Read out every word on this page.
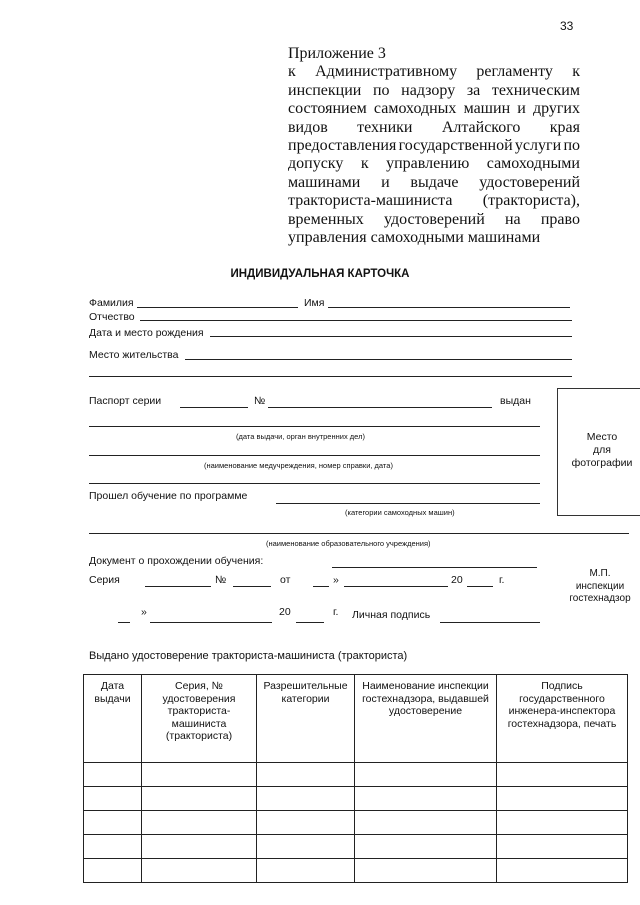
33
Приложение 3
к Административному регламенту к
инспекции по надзору за техническим
состоянием самоходных машин и других
видов техники Алтайского края
предоставления государственной услуги по
допуску к управлению самоходными
машинами и выдаче удостоверений
тракториста-машиниста (тракториста),
временных удостоверений на право
управления самоходными машинами
ИНДИВИДУАЛЬНАЯ КАРТОЧКА
Фамилия	Имя
Отчество
Дата и место рождения
Место жительства
Паспорт серии	№	выдан
(дата выдачи, орган внутренних дел)
(наименование медучреждения, номер справки, дата)
Место
для
фотографии
Прошел обучение по программе
(категории самоходных машин)
(наименование образовательного учреждения)
Документ о прохождении обучения:
Серия	№	от	»	20	г.
»	20	г. Личная подпись
М.П.
инспекции
гостехнадзор
Выдано удостоверение тракториста-машиниста (тракториста)
Дата выдачи	Серия, № удостоверения тракториста-машиниста (тракториста)	Разрешительные категории	Наименование инспекции гостехнадзора, выдавшей удостоверение	Подпись государственного инженера-инспектора гостехнадзора, печать
